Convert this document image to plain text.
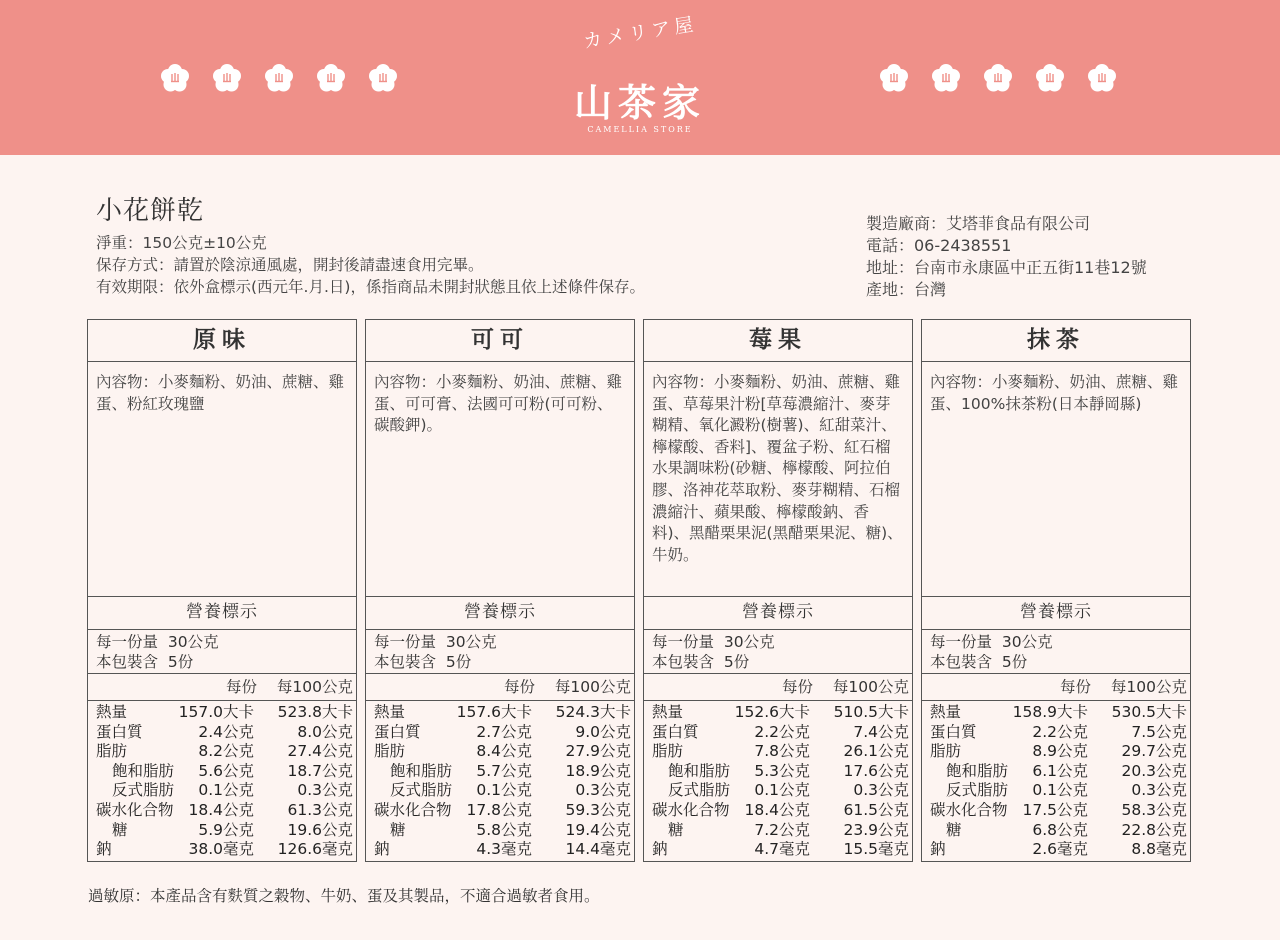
カメリア屋
山茶家
CAMELLIA STORE
小花餅乾
淨重：150公克±10公克
保存方式：請置於陰涼通風處，開封後請盡速食用完畢。
有效期限：依外盒標示(西元年.月.日)，係指商品未開封狀態且依上述條件保存。
製造廠商：艾塔菲食品有限公司
電話：06-2438551
地址：台南市永康區中正五街11巷12號
產地：台灣
原味
內容物：小麥麵粉、奶油、蔗糖、雞蛋、粉紅玫瑰鹽
營養標示
每一份量  30公克
本包裝含  5份
每份	每100公克
熱量	157.0大卡	523.8大卡
蛋白質	2.4公克	8.0公克
脂肪	8.2公克	27.4公克
飽和脂肪	5.6公克	18.7公克
反式脂肪	0.1公克	0.3公克
碳水化合物 18.4公克	61.3公克
糖	5.9公克	19.6公克
鈉	38.0毫克	126.6毫克
可可
內容物：小麥麵粉、奶油、蔗糖、雞蛋、可可膏、法國可可粉(可可粉、碳酸鉀)。
營養標示
每一份量  30公克
本包裝含  5份
每份	每100公克
熱量	157.6大卡	524.3大卡
蛋白質	2.7公克	9.0公克
脂肪	8.4公克	27.9公克
飽和脂肪	5.7公克	18.9公克
反式脂肪	0.1公克	0.3公克
碳水化合物 17.8公克	59.3公克
糖	5.8公克	19.4公克
鈉	4.3毫克	14.4毫克
莓果
內容物：小麥麵粉、奶油、蔗糖、雞蛋、草莓果汁粉[草莓濃縮汁、麥芽糊精、氧化澱粉(樹薯)、紅甜菜汁、檸檬酸、香料]、覆盆子粉、紅石榴水果調味粉(砂糖、檸檬酸、阿拉伯膠、洛神花萃取粉、麥芽糊精、石榴濃縮汁、蘋果酸、檸檬酸鈉、香料)、黑醋栗果泥(黑醋栗果泥、糖)、牛奶。
營養標示
每一份量  30公克
本包裝含  5份
每份	每100公克
熱量	152.6大卡	510.5大卡
蛋白質	2.2公克	7.4公克
脂肪	7.8公克	26.1公克
飽和脂肪	5.3公克	17.6公克
反式脂肪	0.1公克	0.3公克
碳水化合物 18.4公克	61.5公克
糖	7.2公克	23.9公克
鈉	4.7毫克	15.5毫克
抹茶
內容物：小麥麵粉、奶油、蔗糖、雞蛋、100%抹茶粉(日本靜岡縣)
營養標示
每一份量  30公克
本包裝含  5份
每份	每100公克
熱量	158.9大卡	530.5大卡
蛋白質	2.2公克	7.5公克
脂肪	8.9公克	29.7公克
飽和脂肪	6.1公克	20.3公克
反式脂肪	0.1公克	0.3公克
碳水化合物 17.5公克	58.3公克
糖	6.8公克	22.8公克
鈉	2.6毫克	8.8毫克
過敏原：本產品含有麩質之穀物、牛奶、蛋及其製品，不適合過敏者食用。
